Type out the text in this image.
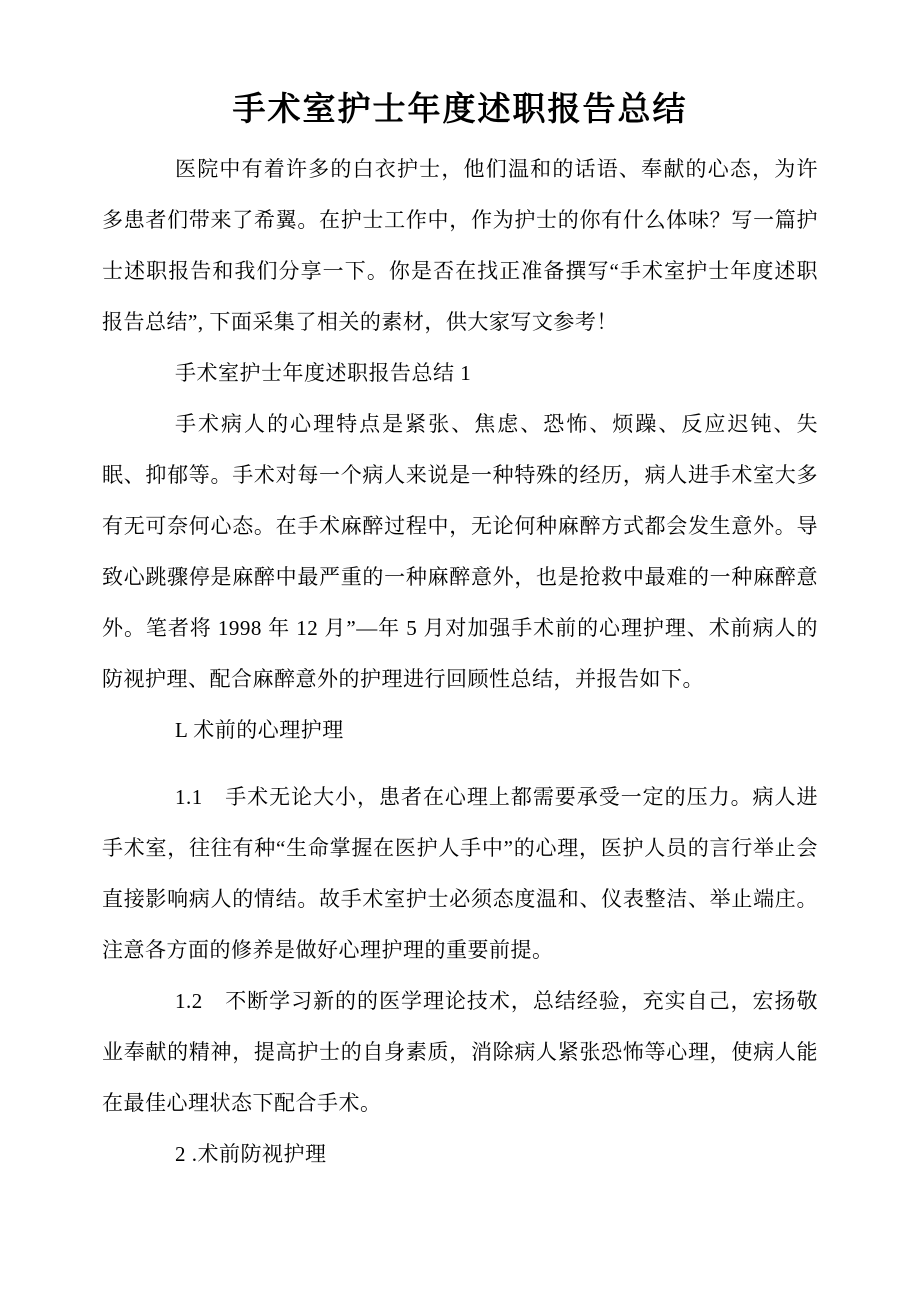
手术室护士年度述职报告总结

医院中有着许多的白衣护士，他们温和的话语、奉献的心态，为许多患者们带来了希翼。在护士工作中，作为护士的你有什么体味？写一篇护士述职报告和我们分享一下。你是否在找正准备撰写“手术室护士年度述职报告总结”, 下面采集了相关的素材，供大家写文参考！

手术室护士年度述职报告总结 1

手术病人的心理特点是紧张、焦虑、恐怖、烦躁、反应迟钝、失眠、抑郁等。手术对每一个病人来说是一种特殊的经历，病人进手术室大多有无可奈何心态。在手术麻醉过程中，无论何种麻醉方式都会发生意外。导致心跳骤停是麻醉中最严重的一种麻醉意外，也是抢救中最难的一种麻醉意外。笔者将 1998 年 12 月”—年 5 月对加强手术前的心理护理、术前病人的防视护理、配合麻醉意外的护理进行回顾性总结，并报告如下。

L 术前的心理护理

1.1　手术无论大小，患者在心理上都需要承受一定的压力。病人进手术室，往往有种“生命掌握在医护人手中”的心理，医护人员的言行举止会直接影响病人的情结。故手术室护士必须态度温和、仪表整洁、举止端庄。注意各方面的修养是做好心理护理的重要前提。

1.2　不断学习新的的医学理论技术，总结经验，充实自己，宏扬敬业奉献的精神，提高护士的自身素质，消除病人紧张恐怖等心理，使病人能在最佳心理状态下配合手术。

2 .术前防视护理
